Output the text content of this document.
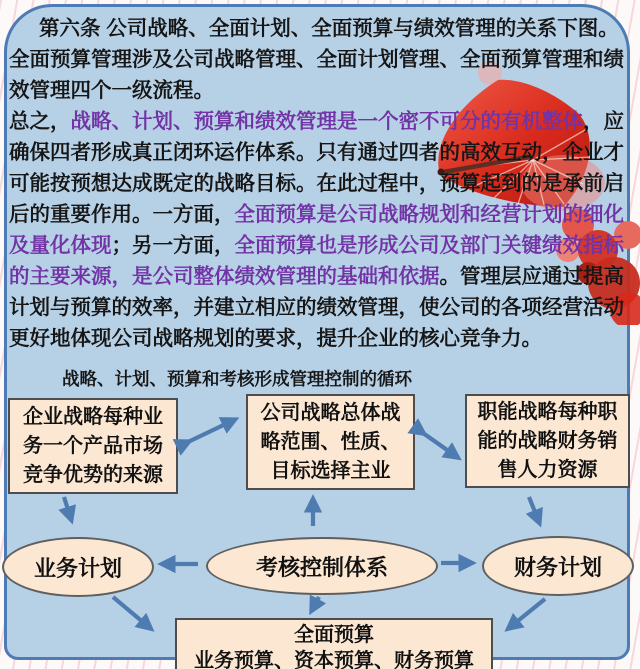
第六条 公司战略、全面计划、全面预算与绩效管理的关系下图。
全面预算管理涉及公司战略管理、全面计划管理、全面预算管理和绩
效管理四个一级流程。
总之，战略、计划、预算和绩效管理是一个密不可分的有机整体，应
确保四者形成真正闭环运作体系。只有通过四者的高效互动，企业才
可能按预想达成既定的战略目标。在此过程中，预算起到的是承前启
后的重要作用。一方面，全面预算是公司战略规划和经营计划的细化
及量化体现；另一方面，全面预算也是形成公司及部门关键绩效指标
的主要来源，是公司整体绩效管理的基础和依据。管理层应通过提高
计划与预算的效率，并建立相应的绩效管理，使公司的各项经营活动
更好地体现公司战略规划的要求，提升企业的核心竞争力。
战略、计划、预算和考核形成管理控制的循环
企业战略每种业
务一个产品市场
竞争优势的来源
公司战略总体战
略范围、性质、
目标选择主业
职能战略每种职
能的战略财务销
售人力资源
业务计划	考核控制体系	财务计划
全面预算
业务预算、资本预算、财务预算
